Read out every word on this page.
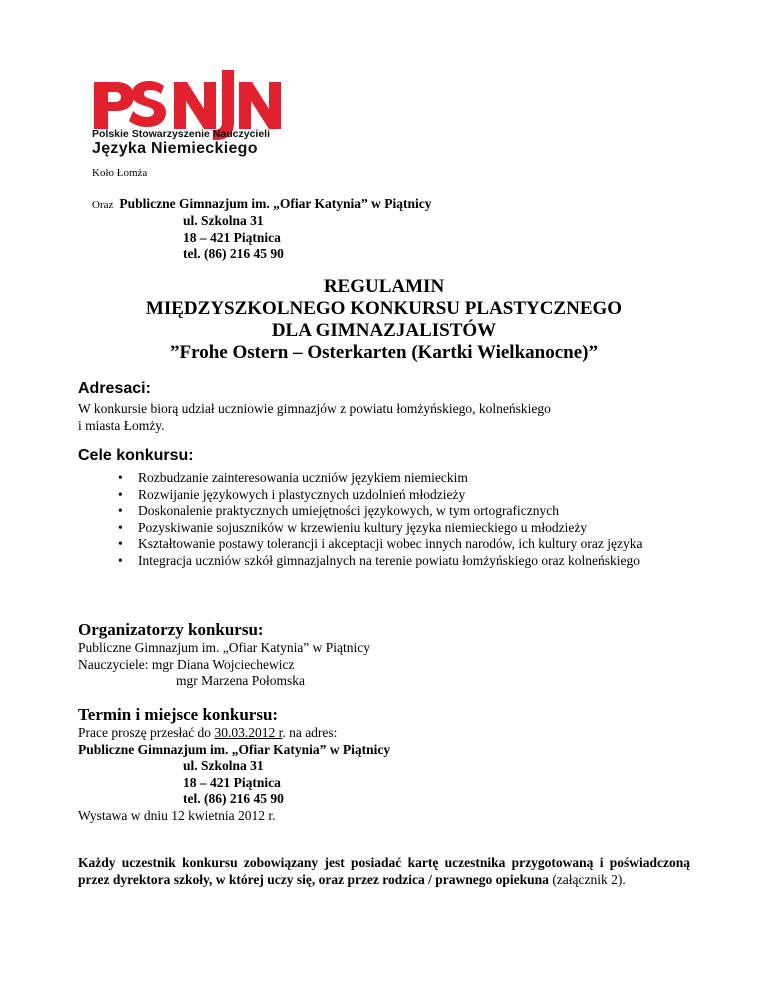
Polskie Stowarzyszenie Nauczycieli
Języka Niemieckiego
Koło Łomża
Oraz Publiczne Gimnazjum im. „Ofiar Katynia” w Piątnicy
ul. Szkolna 31
18 – 421 Piątnica
tel. (86) 216 45 90
REGULAMIN
MIĘDZYSZKOLNEGO KONKURSU PLASTYCZNEGO
DLA GIMNAZJALISTÓW
”Frohe Ostern – Osterkarten (Kartki Wielkanocne)”
Adresaci:
W konkursie biorą udział uczniowie gimnazjów z powiatu łomżyńskiego, kolneńskiego
i miasta Łomży.
Cele konkursu:
• Rozbudzanie zainteresowania uczniów językiem niemieckim
• Rozwijanie językowych i plastycznych uzdolnień młodzieży
• Doskonalenie praktycznych umiejętności językowych, w tym ortograficznych
• Pozyskiwanie sojuszników w krzewieniu kultury języka niemieckiego u młodzieży
• Kształtowanie postawy tolerancji i akceptacji wobec innych narodów, ich kultury oraz języka
• Integracja uczniów szkół gimnazjalnych na terenie powiatu łomżyńskiego oraz kolneńskiego
Organizatorzy konkursu:
Publiczne Gimnazjum im. „Ofiar Katynia” w Piątnicy
Nauczyciele: mgr Diana Wojciechewicz
mgr Marzena Połomska
Termin i miejsce konkursu:
Prace proszę przesłać do 30.03.2012 r. na adres:
Publiczne Gimnazjum im. „Ofiar Katynia” w Piątnicy
ul. Szkolna 31
18 – 421 Piątnica
tel. (86) 216 45 90
Wystawa w dniu 12 kwietnia 2012 r.
Każdy uczestnik konkursu zobowiązany jest posiadać kartę uczestnika przygotowaną i poświadczoną przez dyrektora szkoły, w której uczy się, oraz przez rodzica / prawnego opiekuna (załącznik 2).
